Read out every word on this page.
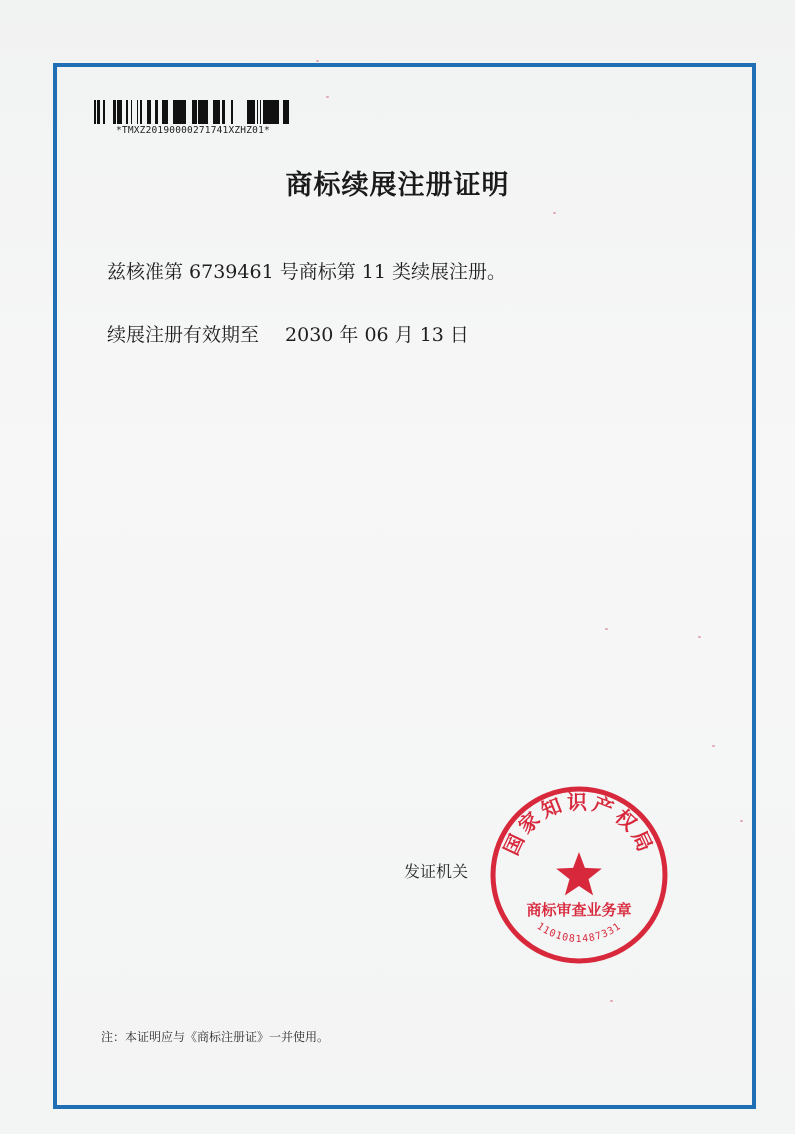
*TMXZ20190000271741XZHZ01*
商标续展注册证明
兹核准第 6739461 号商标第 11 类续展注册。
续展注册有效期至 2030 年 06 月 13 日
发证机关
国家知识产权局
商标审查业务章
1101081487331
注：本证明应与《商标注册证》一并使用。
